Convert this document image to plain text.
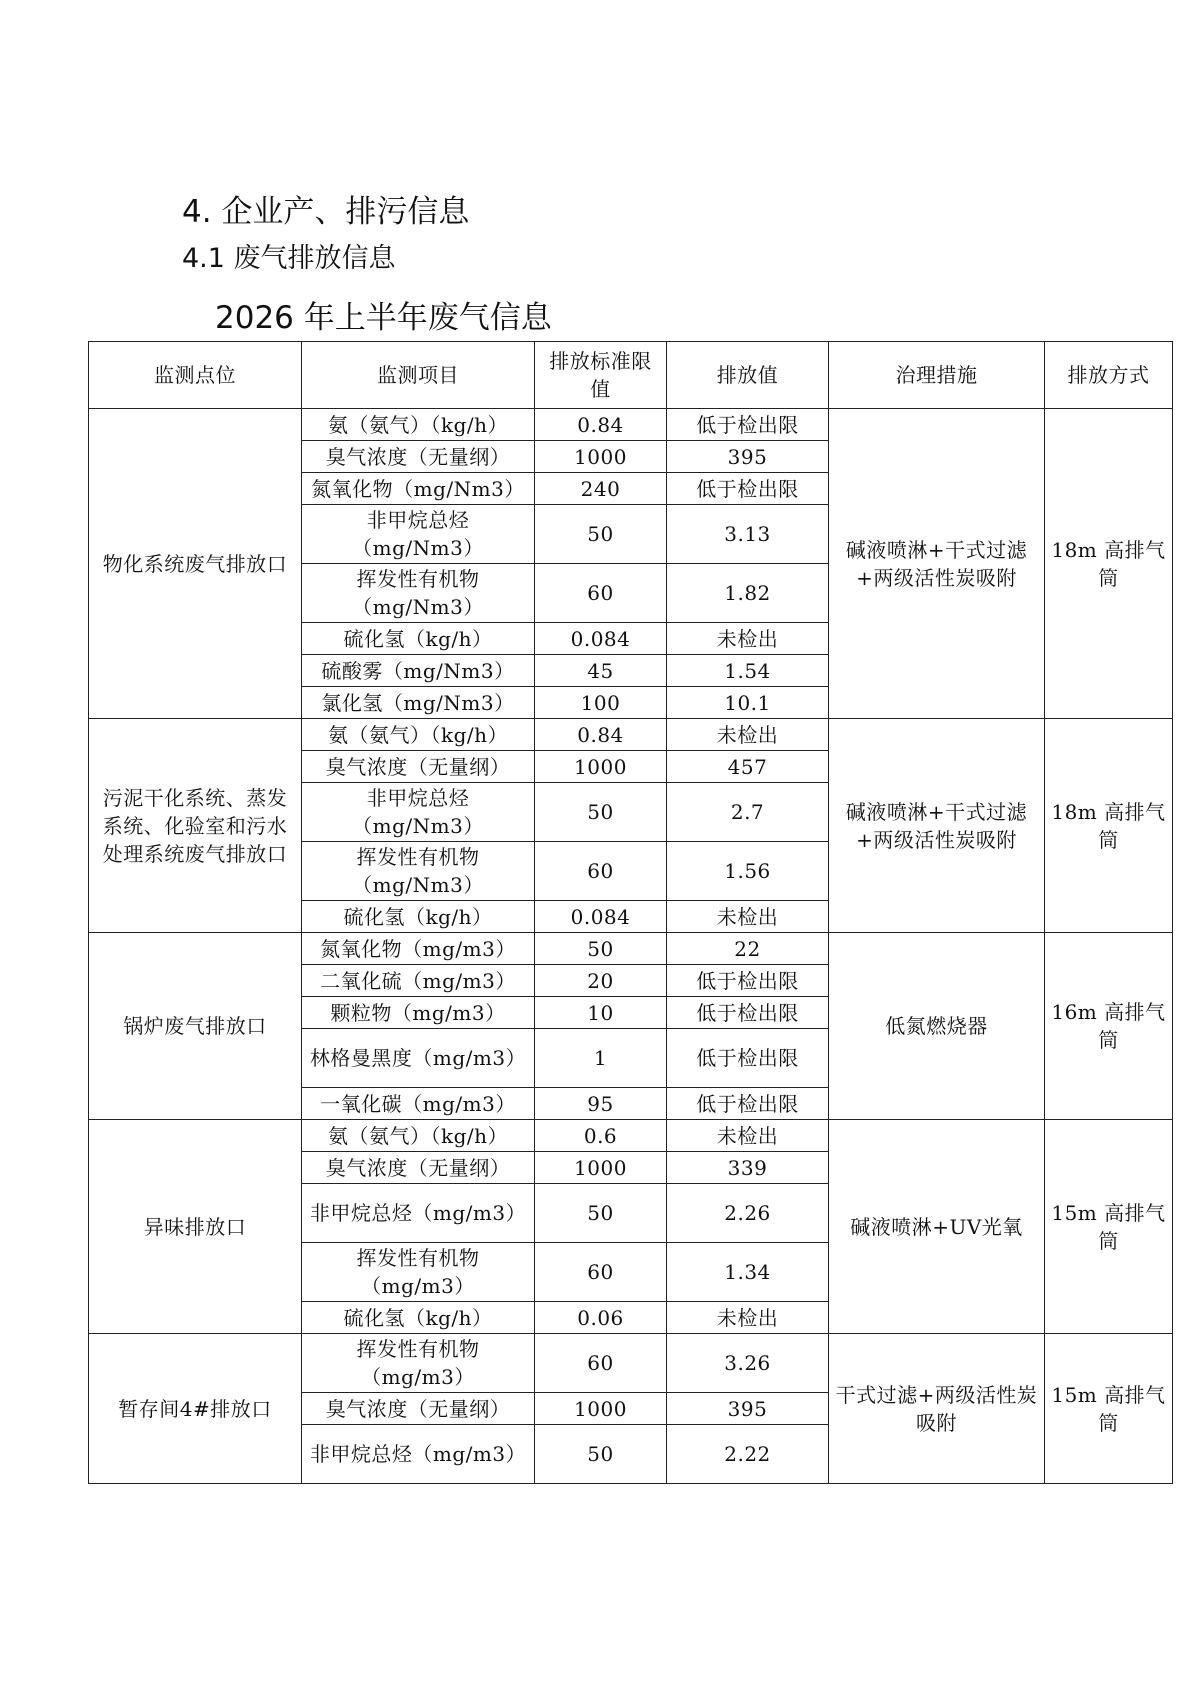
4. 企业产、排污信息
4.1 废气排放信息
2026 年上半年废气信息
监测点位	监测项目	排放标准限值	排放值	治理措施	排放方式
物化系统废气排放口	氨（氨气）（kg/h）	0.84	低于检出限	碱液喷淋+干式过滤+两级活性炭吸附	18m 高排气筒
	臭气浓度（无量纲）	1000	395		
	氮氧化物（mg/Nm3）	240	低于检出限		
	非甲烷总烃（mg/Nm3）	50	3.13		
	挥发性有机物（mg/Nm3）	60	1.82		
	硫化氢（kg/h）	0.084	未检出		
	硫酸雾（mg/Nm3）	45	1.54		
	氯化氢（mg/Nm3）	100	10.1		
污泥干化系统、蒸发系统、化验室和污水处理系统废气排放口	氨（氨气）（kg/h）	0.84	未检出	碱液喷淋+干式过滤+两级活性炭吸附	18m 高排气筒
	臭气浓度（无量纲）	1000	457		
	非甲烷总烃（mg/Nm3）	50	2.7		
	挥发性有机物（mg/Nm3）	60	1.56		
	硫化氢（kg/h）	0.084	未检出		
锅炉废气排放口	氮氧化物（mg/m3）	50	22	低氮燃烧器	16m 高排气筒
	二氧化硫（mg/m3）	20	低于检出限		
	颗粒物（mg/m3）	10	低于检出限		
	林格曼黑度（mg/m3）	1	低于检出限		
	一氧化碳（mg/m3）	95	低于检出限		
异味排放口	氨（氨气）（kg/h）	0.6	未检出	碱液喷淋+UV光氧	15m 高排气筒
	臭气浓度（无量纲）	1000	339		
	非甲烷总烃（mg/m3）	50	2.26		
	挥发性有机物（mg/m3）	60	1.34		
	硫化氢（kg/h）	0.06	未检出		
暂存间4#排放口	挥发性有机物（mg/m3）	60	3.26	干式过滤+两级活性炭吸附	15m 高排气筒
	臭气浓度（无量纲）	1000	395		
	非甲烷总烃（mg/m3）	50	2.22		
